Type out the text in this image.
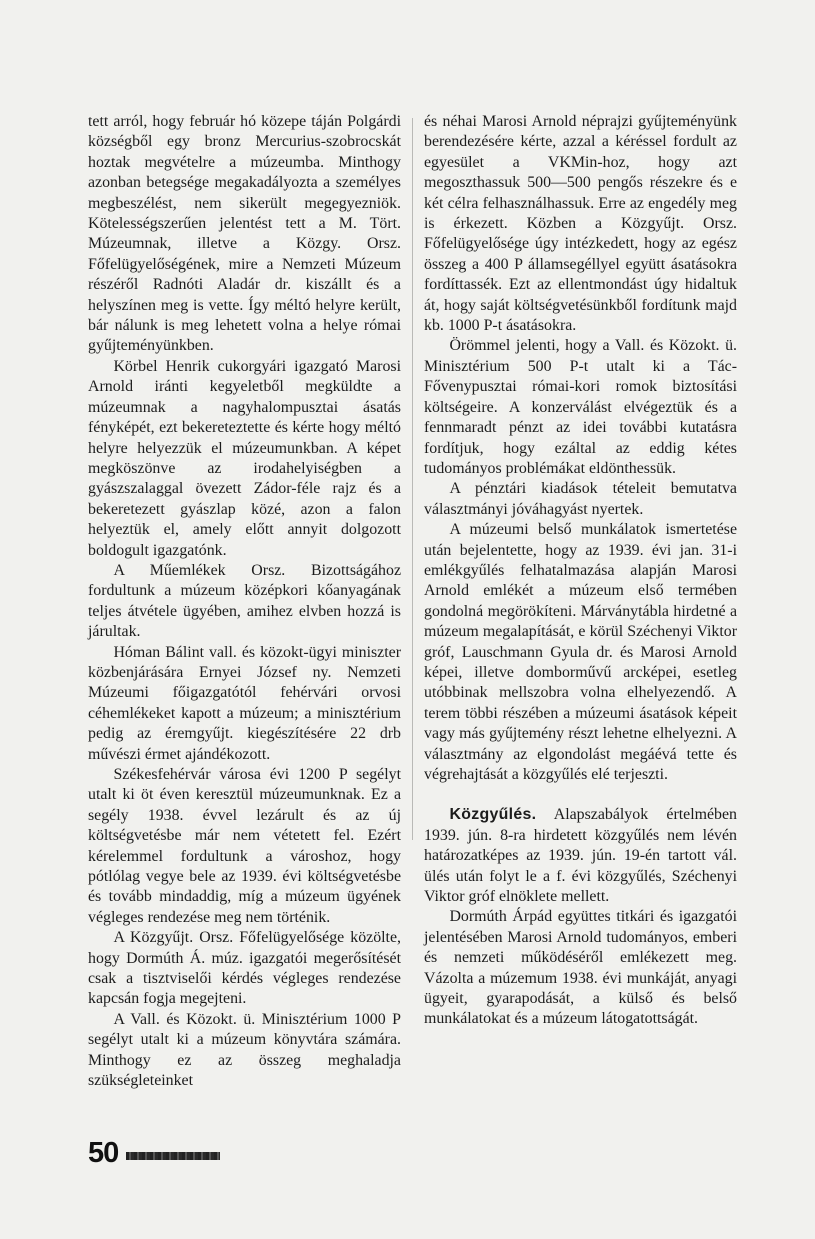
tett arról, hogy február hó közepe táján Polgárdi községből egy bronz Mercurius-szobrocskát hoztak megvételre a múzeumba. Minthogy azonban betegsége megakadályozta a személyes megbeszélést, nem sikerült megegyezniök. Kötelességszerűen jelentést tett a M. Tört. Múzeumnak, illetve a Közgy. Orsz. Főfelügyelőségének, mire a Nemzeti Múzeum részéről Radnóti Aladár dr. kiszállt és a helyszínen meg is vette. Így méltó helyre került, bár nálunk is meg lehetett volna a helye római gyűjteményünkben.

Körbel Henrik cukorgyári igazgató Marosi Arnold iránti kegyeletből megküldte a múzeumnak a nagyhalompusztai ásatás fényképét, ezt bekereteztette és kérte hogy méltó helyre helyezzük el múzeumunkban. A képet megköszönve az irodahelyiségben a gyászszalaggal övezett Zádor-féle rajz és a bekeretezett gyászlap közé, azon a falon helyeztük el, amely előtt annyit dolgozott boldogult igazgatónk.

A Műemlékek Orsz. Bizottságához fordultunk a múzeum középkori kőanyagának teljes átvétele ügyében, amihez elvben hozzá is járultak.

Hóman Bálint vall. és közokt-ügyi miniszter közbenjárására Ernyei József ny. Nemzeti Múzeumi főigazgatótól fehérvári orvosi céhemlékeket kapott a múzeum; a minisztérium pedig az éremgyűjt. kiegészítésére 22 drb művészi érmet ajándékozott.

Székesfehérvár városa évi 1200 P segélyt utalt ki öt éven keresztül múzeumunknak. Ez a segély 1938. évvel lezárult és az új költségvetésbe már nem vétetett fel. Ezért kérelemmel fordultunk a városhoz, hogy pótlólag vegye bele az 1939. évi költségvetésbe és tovább mindaddig, míg a múzeum ügyének végleges rendezése meg nem történik.

A Közgyűjt. Orsz. Főfelügyelősége közölte, hogy Dormúth Á. múz. igazgatói megerősítését csak a tisztviselői kérdés végleges rendezése kapcsán fogja megejteni.

A Vall. és Közokt. ü. Minisztérium 1000 P segélyt utalt ki a múzeum könyvtára számára. Minthogy ez az összeg meghaladja szükségleteinket

és néhai Marosi Arnold néprajzi gyűjteményünk berendezésére kérte, azzal a kéréssel fordult az egyesület a VKMin-hoz, hogy azt megoszthassuk 500—500 pengős részekre és e két célra felhasználhassuk. Erre az engedély meg is érkezett. Közben a Közgyűjt. Orsz. Főfelügyelősége úgy intézkedett, hogy az egész összeg a 400 P államsegéllyel együtt ásatásokra fordíttassék. Ezt az ellentmondást úgy hidaltuk át, hogy saját költségvetésünkből fordítunk majd kb. 1000 P-t ásatásokra.

Örömmel jelenti, hogy a Vall. és Közokt. ü. Minisztérium 500 P-t utalt ki a Tác-Fővenypusztai római-kori romok biztosítási költségeire. A konzerválást elvégeztük és a fennmaradt pénzt az idei további kutatásra fordítjuk, hogy ezáltal az eddig kétes tudományos problémákat eldönthessük.

A pénztári kiadások tételeit bemutatva választmányi jóváhagyást nyertek.

A múzeumi belső munkálatok ismertetése után bejelentette, hogy az 1939. évi jan. 31-i emlékgyűlés felhatalmazása alapján Marosi Arnold emlékét a múzeum első termében gondolná megörökíteni. Márványtábla hirdetné a múzeum megalapítását, e körül Széchenyi Viktor gróf, Lauschmann Gyula dr. és Marosi Arnold képei, illetve domborművű arcképei, esetleg utóbbinak mellszobra volna elhelyezendő. A terem többi részében a múzeumi ásatások képeit vagy más gyűjtemény részt lehetne elhelyezni. A választmány az elgondolást megáévá tette és végrehajtását a közgyűlés elé terjeszti.

Közgyűlés. Alapszabályok értelmében 1939. jún. 8-ra hirdetett közgyűlés nem lévén határozatképes az 1939. jún. 19-én tartott vál. ülés után folyt le a f. évi közgyűlés, Széchenyi Viktor gróf elnöklete mellett.

Dormúth Árpád együttes titkári és igazgatói jelentésében Marosi Arnold tudományos, emberi és nemzeti működéséről emlékezett meg. Vázolta a múzemum 1938. évi munkáját, anyagi ügyeit, gyarapodását, a külső és belső munkálatokat és a múzeum látogatottságát.

50
